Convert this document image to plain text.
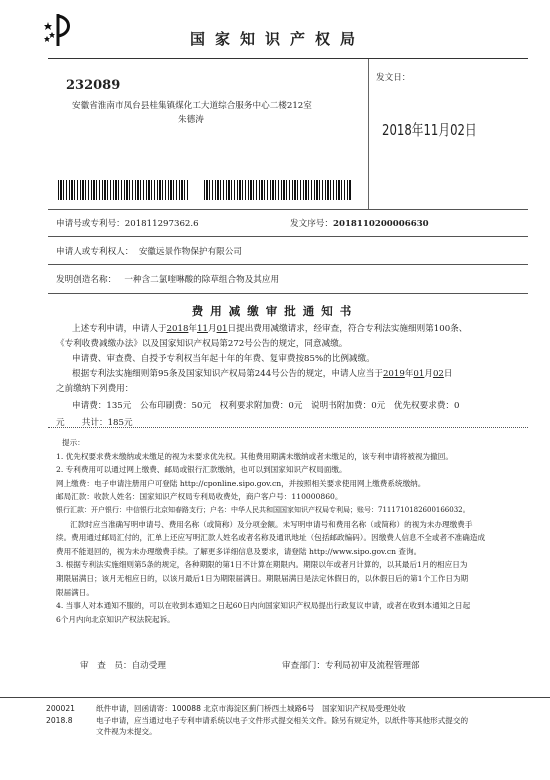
国家知识产权局
232089
安徽省淮南市凤台县桂集镇煤化工大道综合服务中心二楼212室
朱德涛
发文日：
2018年11月02日
申请号或专利号：201811297362.6	发文序号：2018110200006630
申请人或专利权人： 安徽远景作物保护有限公司
发明创造名称： 一种含二氯喹啉酸的除草组合物及其应用
费用减缴审批通知书
上述专利申请，申请人于2018年11月01日提出费用减缴请求，经审查，符合专利法实施细则第100条、
《专利收费减缴办法》以及国家知识产权局第272号公告的规定，同意减缴。
申请费、审查费、自授予专利权当年起十年的年费、复审费按85%的比例减缴。
根据专利法实施细则第95条及国家知识产权局第244号公告的规定，申请人应当于2019年01月02日
之前缴纳下列费用：
申请费：135元　公布印刷费：50元　权利要求附加费：0元　说明书附加费：0元　优先权要求费：0
元　　共计：185元
提示：
1. 优先权要求费未缴纳或未缴足的视为未要求优先权。其他费用期满未缴纳或者未缴足的，该专利申请将被视为撤回。
2. 专利费用可以通过网上缴费、邮局或银行汇款缴纳，也可以到国家知识产权局面缴。
网上缴费：电子申请注册用户可登陆 http://cponline.sipo.gov.cn，并按照相关要求使用网上缴费系统缴纳。
邮局汇款：收款人姓名：国家知识产权局专利局收费处，商户客户号：110000860。
银行汇款：开户银行：中信银行北京知春路支行；户名：中华人民共和国国家知识产权局专利局；账号：7111710182600166032。
汇款时应当准确写明申请号、费用名称（或简称）及分项金额。未写明申请号和费用名称（或简称）的视为未办理缴费手
续。费用通过邮局汇付的，汇单上还应写明汇款人姓名或者名称及通讯地址（包括邮政编码）。因缴费人信息不全或者不准确造成
费用不能退回的，视为未办理缴费手续。了解更多详细信息及要求，请登陆 http://www.sipo.gov.cn 查询。
3. 根据专利法实施细则第5条的规定，各种期限的第1日不计算在期限内。期限以年或者月计算的，以其最后1月的相应日为
期限届满日；该月无相应日的，以该月最后1日为期限届满日。期限届满日是法定休假日的，以休假日后的第1个工作日为期
限届满日。
4. 当事人对本通知不服的，可以在收到本通知之日起60日内向国家知识产权局提出行政复议申请，或者在收到本通知之日起
6个月内向北京知识产权法院起诉。
审　查　员：自动受理	审查部门：专利局初审及流程管理部
200021
2018.8
纸件申请，回函请寄：100088 北京市海淀区蓟门桥西土城路6号　国家知识产权局受理处收
电子申请，应当通过电子专利申请系统以电子文件形式提交相关文件。除另有规定外，以纸件等其他形式提交的
文件视为未提交。
